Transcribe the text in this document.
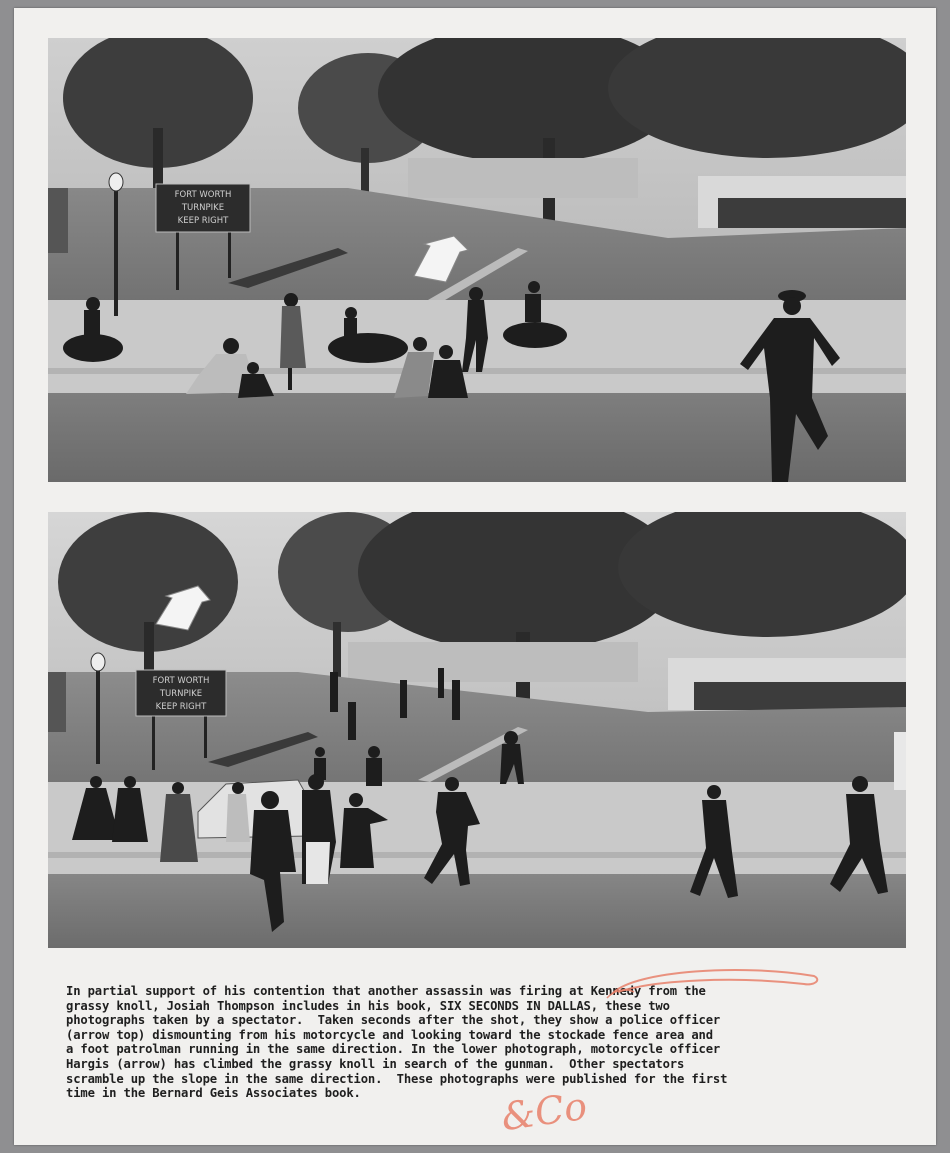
FORT WORTH
TURNPIKE
KEEP RIGHT
FORT WORTH
TURNPIKE
KEEP RIGHT
In partial support of his contention that another assassin was firing at Kennedy from the
grassy knoll, Josiah Thompson includes in his book, SIX SECONDS IN DALLAS, these two
photographs taken by a spectator.  Taken seconds after the shot, they show a police officer
(arrow top) dismounting from his motorcycle and looking toward the stockade fence area and
a foot patrolman running in the same direction. In the lower photograph, motorcycle officer
Hargis (arrow) has climbed the grassy knoll in search of the gunman.  Other spectators
scramble up the slope in the same direction.  These photographs were published for the first
time in the Bernard Geis Associates book.	&Co
